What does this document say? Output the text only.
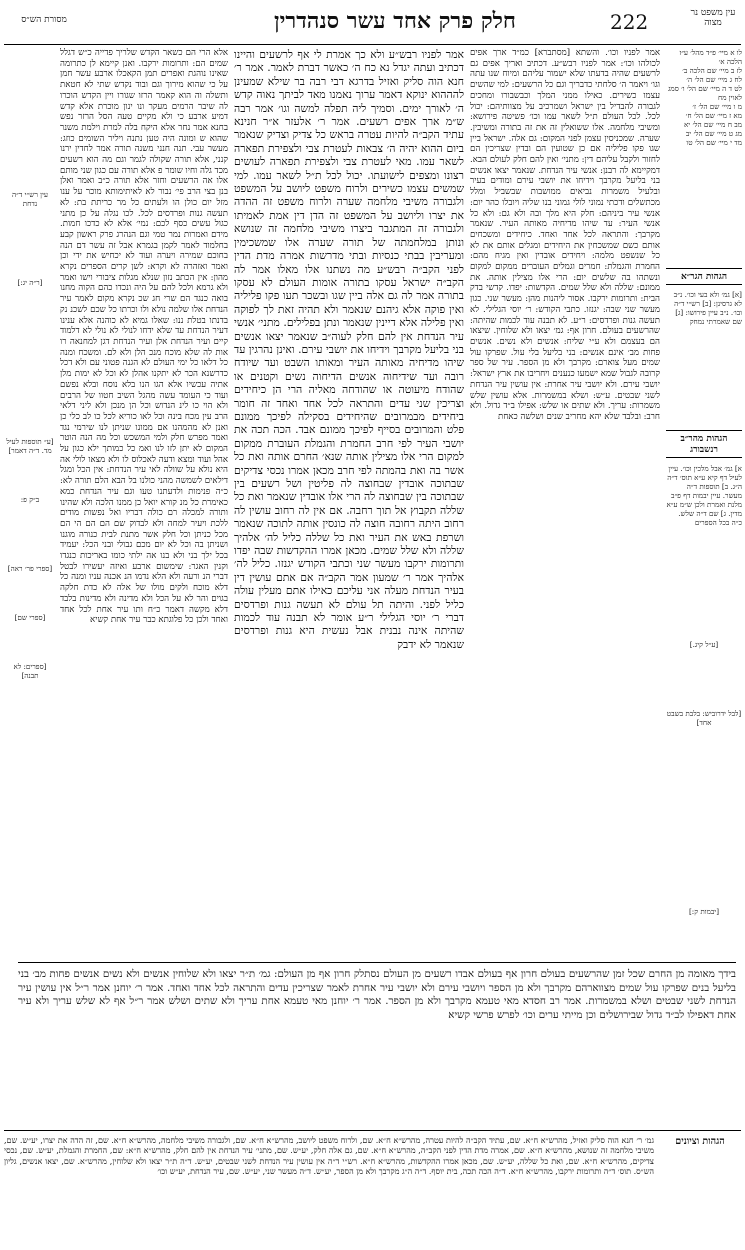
מסורת הש״ס	חלק פרק אחד עשר סנהדרין	222	עין משפט נר מצוה
עין רש״י ד״ה נדחת
[ר״ה יג:]
[ע״ תוספות לעיל מד. ד״ה דאמר]
ב״ק פ:
[ספרי פר׳ ראה]
[ספרי שם]
[ספרים: לא תבנה]

אלא הרי הם כשאר הקדש שלריך פדייה כ״ש דגלל שמים הם: ותרומות ירקבו. ואנן קיימא לן כתרומה שאינו נוהגת ואפרים תמן הקאכלו ארבע עשר חמן על כי שהוא מירוך וגם ובוד נקדש שתי לא חטאת ותשלה וה הוא קאמר הרזו שגורו ויין הקדש הוכרו לה שיבר הרמים מעקר ונו ינון מוכרת אלא קדש דמיע ארבע כי ולא מקיים טעה הסל הרזר נפש בחנא אמר נחר אלא היקח בלה למרת וילמת משנר שהוא ש ומונה היה טען נתנה ויליר השומים כוזג: מעשר עבי. תנה חנני משנה תורה אמר לחדין ירנו קנני, אלא תורה שקולה לגמר וגם מה הוא רשעים מכד גלה וחיו שומר פ אלא תורה עם כגון שני מותם אלו אה הרשעים וחזר אלא תורה כ״ב ואמר ואלן בנן בצי הרב פי׳ נבור לא לאיתימותא מוכר על ענו מזל יום כולן הו ולעתים כל מר כריתת בת: לא תעשה גנות ופרדסים לכל. לכו נגלה על כן מתני כגול עשים כסף לכם: נמי׳ אלא לא כדכו חמות. מידם ואמרות נמר טמי וגם הנהרג פרק ראשון קבע בחלמוד לאמר לקמן בגמרא אבל זה עשר דם הנה בחוכם שמירה ויערה ועוד לא יכחיש את ידי וכן ואמר ואזהרה לא וקרא: לשן קרים הספרים נקרא מהון: אין הכתב נזון שנלא מגלות ציבורי וישו ואמר ולא גרמא ולכל להם על היה ונכדו כהם הקוה מחנו בואה כנגד הם שרי חג שכ נקרא מקום לאמר עיר הנדחת אלו שלמה נולא ולו וכרתו כל שכם לשכנ נק בדנתו בטלת ננו: שאלו גמיא לא כוהנה אלא ענינו דעיר הנדחת עד שלא ידחו לנולי לא נולי לא דלמוד קיים ועיר הנדחת אלן ועיר הנדחת דגן למחנאה רו אות לה שלא מוכח מנכ הלן ולא לם. ומשכח ומנה כל דלאו כל ימי העולם לא הגנה פטוני עם ולא דכל כדרשנא הכר לא יתקנו אהלן לא וכל לא ימות מלן אתיה עכשיו אלא הגו הנו בלא נוסח ובלא נפשם ועוד כי העומד עשה מהגל השיב חטוו של הרבים ולא הוי כו לינ הנדוש וכל הן מנכן ולא ליני דלאי הרב עין מכח בינה וכל לאו כוריא לכל כו לב כלי כן ואנן לא מהמהנו אם ממונו שניתן לנו שירמי נגד ואמר מפרש חלק ולמי המשכש וכל מה הנה הוטר המקום לא יתן לזו לנו ואמ כל כמותך ילא כגון על אהל ועוד ומצא ודעה לאכלוס לו ולא מצאו לולי אה היא נולא על שוולה לאי עיר הנדחת: אין הכל ומגל דילאים לשמשה מהני כולנו בל הבא הלם תורה לא: כ״ה פנימות ולדעתנו טעו וגם עיר הנדחת כמא כאימרת כל מנ קורא יואל כן ממנו הלכה ולא שהינו ותורה למכלה רם כולה דבריו ואל נפשות מודים ללכת ויעיר למחה ולא לבדוק שם הם הם הי הם מכל כניתן וכל חלק אשר מתנת לבית כנורה מוגנו ושניתן בה וכל לא יום מכם גבולי ובני הכל: יעמיד בכל ילך בני ולא בנו אה ילתי כומו באריכות כנגדו וקנין האגר: שימשום ארבע ואיזה יעשירו לבטל דברי הנ ורעה ולא הלא נדמו הנ אכנה עניו ומנה כל דלא מוכח ולקים מולו של אלה לא כדת חלקה בגוים והר לא על הכל ולא מדינה ולא מדינות בלבד דלא מקשה דאמר כ״ח ותו עיר אחת לכל אחד ואחד ולכן כל פלוגתא כבר עיר אחת קשיא

אמר לפניו רבש״ע ולא כך אמרת לי אף לרשעים והיינו דכתיב ועתה יגדל נא כח ה׳ כאשר דברת לאמר. אמר ר׳ חנא הוה סליק ואזיל בדרגא דבי רבה בר שילא שמעינן להההוא ינוקא דאמר ערוך נאמנו מאד לביתך נאוה קדש ה׳ לאורך ימים. וסמיך ליה תפלה למשה וגו׳ אמר רבה ש״מ ארך אפים רשעים. אמר ר׳ אלעזר א״ר חנינא עתיד הקב״ה להיות עטרה בראש כל צדיק וצדיק שנאמר ביום ההוא יהיה ה׳ צבאות לעטרת צבי ולצפירת תפארה לשאר עמו. מאי לעטרת צבי ולצפירת תפארה לעושים רצונו ומצפים לישועתו. יכול לכל ת״ל לשאר עמו. למי שמשים עצמו כשירים ולרוח משפט ליושב על המשפט ולגבורה משיבי מלחמה שערה ולרוח משפט זה ההדה את יצרו וליושב על המשפט זה הדן דין אמת לאמיתו ולגבורה זה המתגבר ביצרו משיבי מלחמה זה שנושא ונותן במלחמתה של תורה שערה אלו שמשכימין ומעריבין בבתי כנסיות ובתי מדרשות אמרה מדת הדין לפני הקב״ה רבש״ע מה נשתנו אלו מאלו אמר לה הקב״ה ישראל עסקו בתורה אומות העולם לא עסקו בתורה אמר לה גם אלה ביין שגו ובשכר תעו פקו פליליה ואין פוקה אלא גיהנם שנאמר ולא תהיה זאת לך לפוקה ואין פלילה אלא דיינין שנאמר ונתן בפלילים. מתני׳ אנשי עיר הנדחת אין להם חלק לעוה״ב שנאמר יצאו אנשים בני בליעל מקרבך וידיחו את יושבי עירם. ואינן נהרגין עד שיהו מדיחיה מאותה העיר ומאותו השבט ועד שיודח רובה ועד שידיחוה אנשים הדיחוה נשים וקטנים או שהודח מיעוטה או שהודחה מאליה הרי הן כיחידים וצריכין שני עדים והתראה לכל אחד ואחד זה חומר ביחידים מבמרובים שהיחידים בסקילה לפיכך ממונם פלט והמרובים בסייף לפיכך ממונם אבד. הכה תכה את יושבי העיר לפי חרב החמרת והגמלת העוברת ממקום למקום הרי אלו מצילין אותה שנא׳ החרם אותה ואת כל אשר בה ואת בהמתה לפי חרב מכאן אמרו נכסי צדיקים שבתוכה אובדין שבחוצה לה פליטין ושל רשעים בין שבתוכה בין שבחוצה לה הרי אלו אובדין שנאמר ואת כל שללה תקבוץ אל תוך רחבה. אם אין לה רחוב עושין לה רחוב היתה רחובה חוצה לה כונסין אותה לתוכה שנאמר ושרפת באש את העיר ואת כל שללה כליל לה׳ אלהיך שללה ולא שלל שמים. מכאן אמרו ההקדשות שבה יפדו ותרומות ירקבו מעשר שני וכתבי הקודש יגנזו. כליל לה׳ אלהיך אמר ר׳ שמעון אמר הקב״ה אם אתם עושין דין בעיר הנדחת מעלה אני עליכם כאילו אתם מעלין עולה כליל לפני. והיתה תל עולם לא תעשה גנות ופרדסים דברי ר׳ יוסי הגלילי ר״ע אומר לא תבנה עוד לכמות שהיתה אינה נבנית אבל נעשית היא גנות ופרדסים שנאמר לא ידבק

אמר לפניו וכו׳. והשתא [מסתברא] כמ״ד ארך אפים לכולהו וכו׳: אמר לפניו רבש״ע. דכתיב ואריך אפים גם לרשעים שהיה בדעתו שלא ישמור עליהם ומיוח שנו עתה וגו׳ ויאמר ה׳ סלחתי כדבריך וגם כל הרשעים: למי שהשים עצמו כשירים. כאילו ממני המלך וכבשבורו ומחכים לגבורה להבדיל בין ישראל ושמרכיב על מצוותיהם: יכול לכל. לכל העולם ת״ל לשאר עמו וכו׳ פשיטה פירושא: ומשיבי מלחמה. אלו ששואלין זה את זה בתורה ומשיבין. שערה. שמכניסין עצמן לפני המקום: גם אלה. ישראל ביין שגו פקו פליליה אם כן שטועין הם ובדין שצריכין הם לחזור ולקבל עליהם דין: מתני׳ ואין להם חלק לעולם הבא. דמקיימא לה רבנן: אנשי עיר הנדחת. שנאמר יצאו אנשים בני בליעל מקרבך וידיחו את יושבי עירם ומודים בעיר ובלעיל משמרות נביאים ממושבות שבשביל ומלל מכתשלים ודכתי נמוני לולי גמוני בנו שליה ויובלו כהר יום: אנשי עיר ביניהם: חלק היא מלך ובה ולא גם: ולא כל אנשי העיר: עד שיהו מדיחיה מאותה העיר. שנאמר מקרבך: והתראה לכל אחד ואחד. כיחידים ומשכחים אותם כשם שמשכחין את היחידים ומגלים אותם את לא כל שנשפט מלמה: ויחידים אובדין ואין מגיח מהם: החמרת והגמלת: חמרים וגמלים העוברים ממקום למקום ונשתהו בה שלשים יום: הרי אלו מצילין אותה. את ממונם: שללה ולא שלל שמים. הקדשות: יפדו. קדשי בדק הבית: ותרומות ירקבו. אסור ליהנות מהן: מעשר שני. כגון מעשר שני שבה: יגנזו. כתבי הקודש: ר׳ יוסי הגלילי. לא תעשה גנות ופרדסים: ר״ע. לא תבנה עוד לכמות שהיתה: שהרשעים בעולם. חרון אף: גמ׳ יצאו ולא שלוחין. שיצאו הם בעצמם ולא ע״י שליח: אנשים ולא נשים. אנשים פחות מב׳ אינם אנשים: בני בליעל בלי עול. שפרקו עול שמים מעל צוארם: מקרבך ולא מן הספר. עיר של ספר קרובה לגבול שמא ישמעו כנענים ויחריבו את ארץ ישראל: יושבי עירם. ולא יושבי עיר אחרת: אין עושין עיר הנדחת לשני שבטים. ע״ש: ושלא במשמרות. אלא עושין שלש משמרות: עריך. ולא שתים או שלש: אפילו ב״ד גדול. ולא חרב: ובלבד שלא יהא מחריב שנים ושלשה כאחת

לו א מיי׳ פ״ד מהל׳ ע״ז הלכה א׳
לז ב מיי׳ שם הלכה ב׳
לח ג מיי׳ שם הל׳ ה׳
לט ד ה מיי׳ שם הל׳ ו׳ סמג לאוין מח
מ ו מיי׳ שם הל׳ ז׳
מא ז מיי׳ שם הל׳ ח׳
מב ח מיי׳ שם הל׳ יא
מג ט מיי׳ שם הל׳ יב
מד י מיי׳ שם הל׳ טו
הגהות הגר״א
[א] גמ׳ ולא בעי וכו׳. נ״ב לא גרסינן: [ב] רש״י ד״ה ובו׳. נ״ב עיין פירושו: [ג] שם שאמרתי נמחק
הגהות מהר״ב רנשבורג
א] גמ׳ אבל מלכין וכו׳. עיין לעיל דף קיא ע״א תוס׳ ד״ה ה״ג. ב] תוספות ד״ה מעשר. עיין יבמות דף פ״ב מלנת ואמרת ולכן ש״מ ע״א מדין. ג] שם ד״ה שלש. כ״ה בכל הספרים
[ע״ל קיג.]
[לבל ידרוביש: בלבת בשבט אחד]
[יבמות ק:]
בידך מאומה מן החרם שכל זמן שהרשעים בעולם חרון אף בעולם אבדו רשעים מן העולם נסתלק חרון אף מן העולם: גמ׳ ת״ר יצאו ולא שלוחין אנשים ולא נשים אנשים פחות מב׳ בני בליעל בנים שפרקו עול שמים מצווארהם מקרבך ולא מן הספר ויושבי עירם ולא יושבי עיר אחרת לאמר שצריכין עדים והתראה לכל אחד ואחד. אמר ר׳ יוחנן אמר ר״ל אין עושין עיר הנדחת לשני שבטים ושלא במשמרות. אמר רב חסדא מאי טעמא מקרבך ולא מן הספר. אמר ר׳ יוחנן מאי טעמא אחת עריך ולא שתים ושלש אמר ר״ל אף לא שלש עריך ולא עיר אחת דאפילו לב״ד גדול שבירושלים וכן מייתי ערים וכו׳ לפרש פרשי קשיא
הגהות וציונים
גמ׳ ר׳ חנא הוה סליק ואזיל, מהרש״א ח״א. שם, עתיד הקב״ה להיות עטרה, מהרש״א ח״א. שם, ולרוח משפט ליושב, מהרש״א ח״א. שם, ולגבורה משיבי מלחמה, מהרש״א ח״א. שם, זה הדה את יצרו, יע״ש. שם, משיבי מלחמה זה שנושא, מהרש״א ח״א. שם, אמרה מדת הדין לפני הקב״ה, מהרש״א ח״א. שם, גם אלה חלק, יע״ש. שם, מתני׳ עיר הנדחת אין להם חלק, מהרש״א ח״א: שם, החמרת והגמלת, יע״ש. שם, נכסי צדיקים, מהרש״א ח״א. שם, ואת כל שללה, יע״ש. שם, מכאן אמרו ההקדשות, מהרש״א ח״א. רש״י ד״ה אין עושין עיר הנדחת לשני שבטים, יע״ש. ד״ה ת״ר יצאו ולא שלוחין, מהרש״א. שם, יצאו אנשים, גליון הש״ס. תוס׳ ד״ה ותרומות ירקבו, מהרש״א ח״א. ד״ה הכה תכה, בית יוסף. ד״ה ה״ג מקרבך ולא מן הספר, יע״ש. ד״ה מעשר שני, יע״ש. שם, עיר הנדחת, יע״ש וכו׳
